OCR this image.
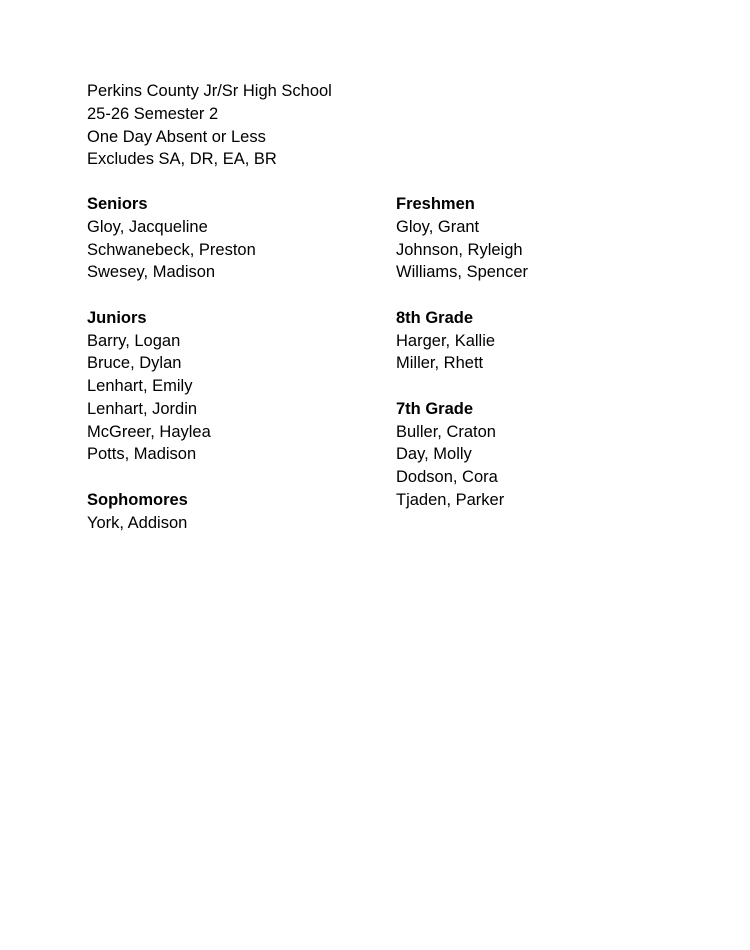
Perkins County Jr/Sr High School
25-26 Semester 2
One Day Absent or Less
Excludes SA, DR, EA, BR
Seniors
Gloy, Jacqueline
Schwanebeck, Preston
Swesey, Madison
Juniors
Barry, Logan
Bruce, Dylan
Lenhart, Emily
Lenhart, Jordin
McGreer, Haylea
Potts, Madison
Sophomores
York, Addison
Freshmen
Gloy, Grant
Johnson, Ryleigh
Williams, Spencer
8th Grade
Harger, Kallie
Miller, Rhett
7th Grade
Buller, Craton
Day, Molly
Dodson, Cora
Tjaden, Parker
